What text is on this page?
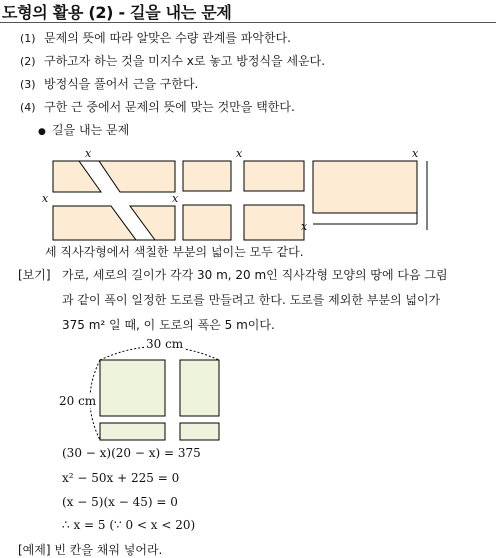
도형의 활용 (2) - 길을 내는 문제
(1) 문제의 뜻에 따라 알맞은 수량 관계를 파악한다.
(2) 구하고자 하는 것을 미지수 x로 놓고 방정식을 세운다.
(3) 방정식을 풀어서 근을 구한다.
(4) 구한 근 중에서 문제의 뜻에 맞는 것만을 택한다.
● 길을 내는 문제
x
x
x
x
x
x
세 직사각형에서 색칠한 부분의 넓이는 모두 같다.
[보기] 가로, 세로의 길이가 각각 30 m, 20 m인 직사각형 모양의 땅에 다음 그림
과 같이 폭이 일정한 도로를 만들려고 한다. 도로를 제외한 부분의 넓이가
375 m² 일 때, 이 도로의 폭은 5 m이다.
30 cm
20 cm
(30 − x)(20 − x) = 375
x² − 50x + 225 = 0
(x − 5)(x − 45) = 0
∴ x = 5 (∵ 0 < x < 20)
[예제] 빈 칸을 채워 넣어라.
